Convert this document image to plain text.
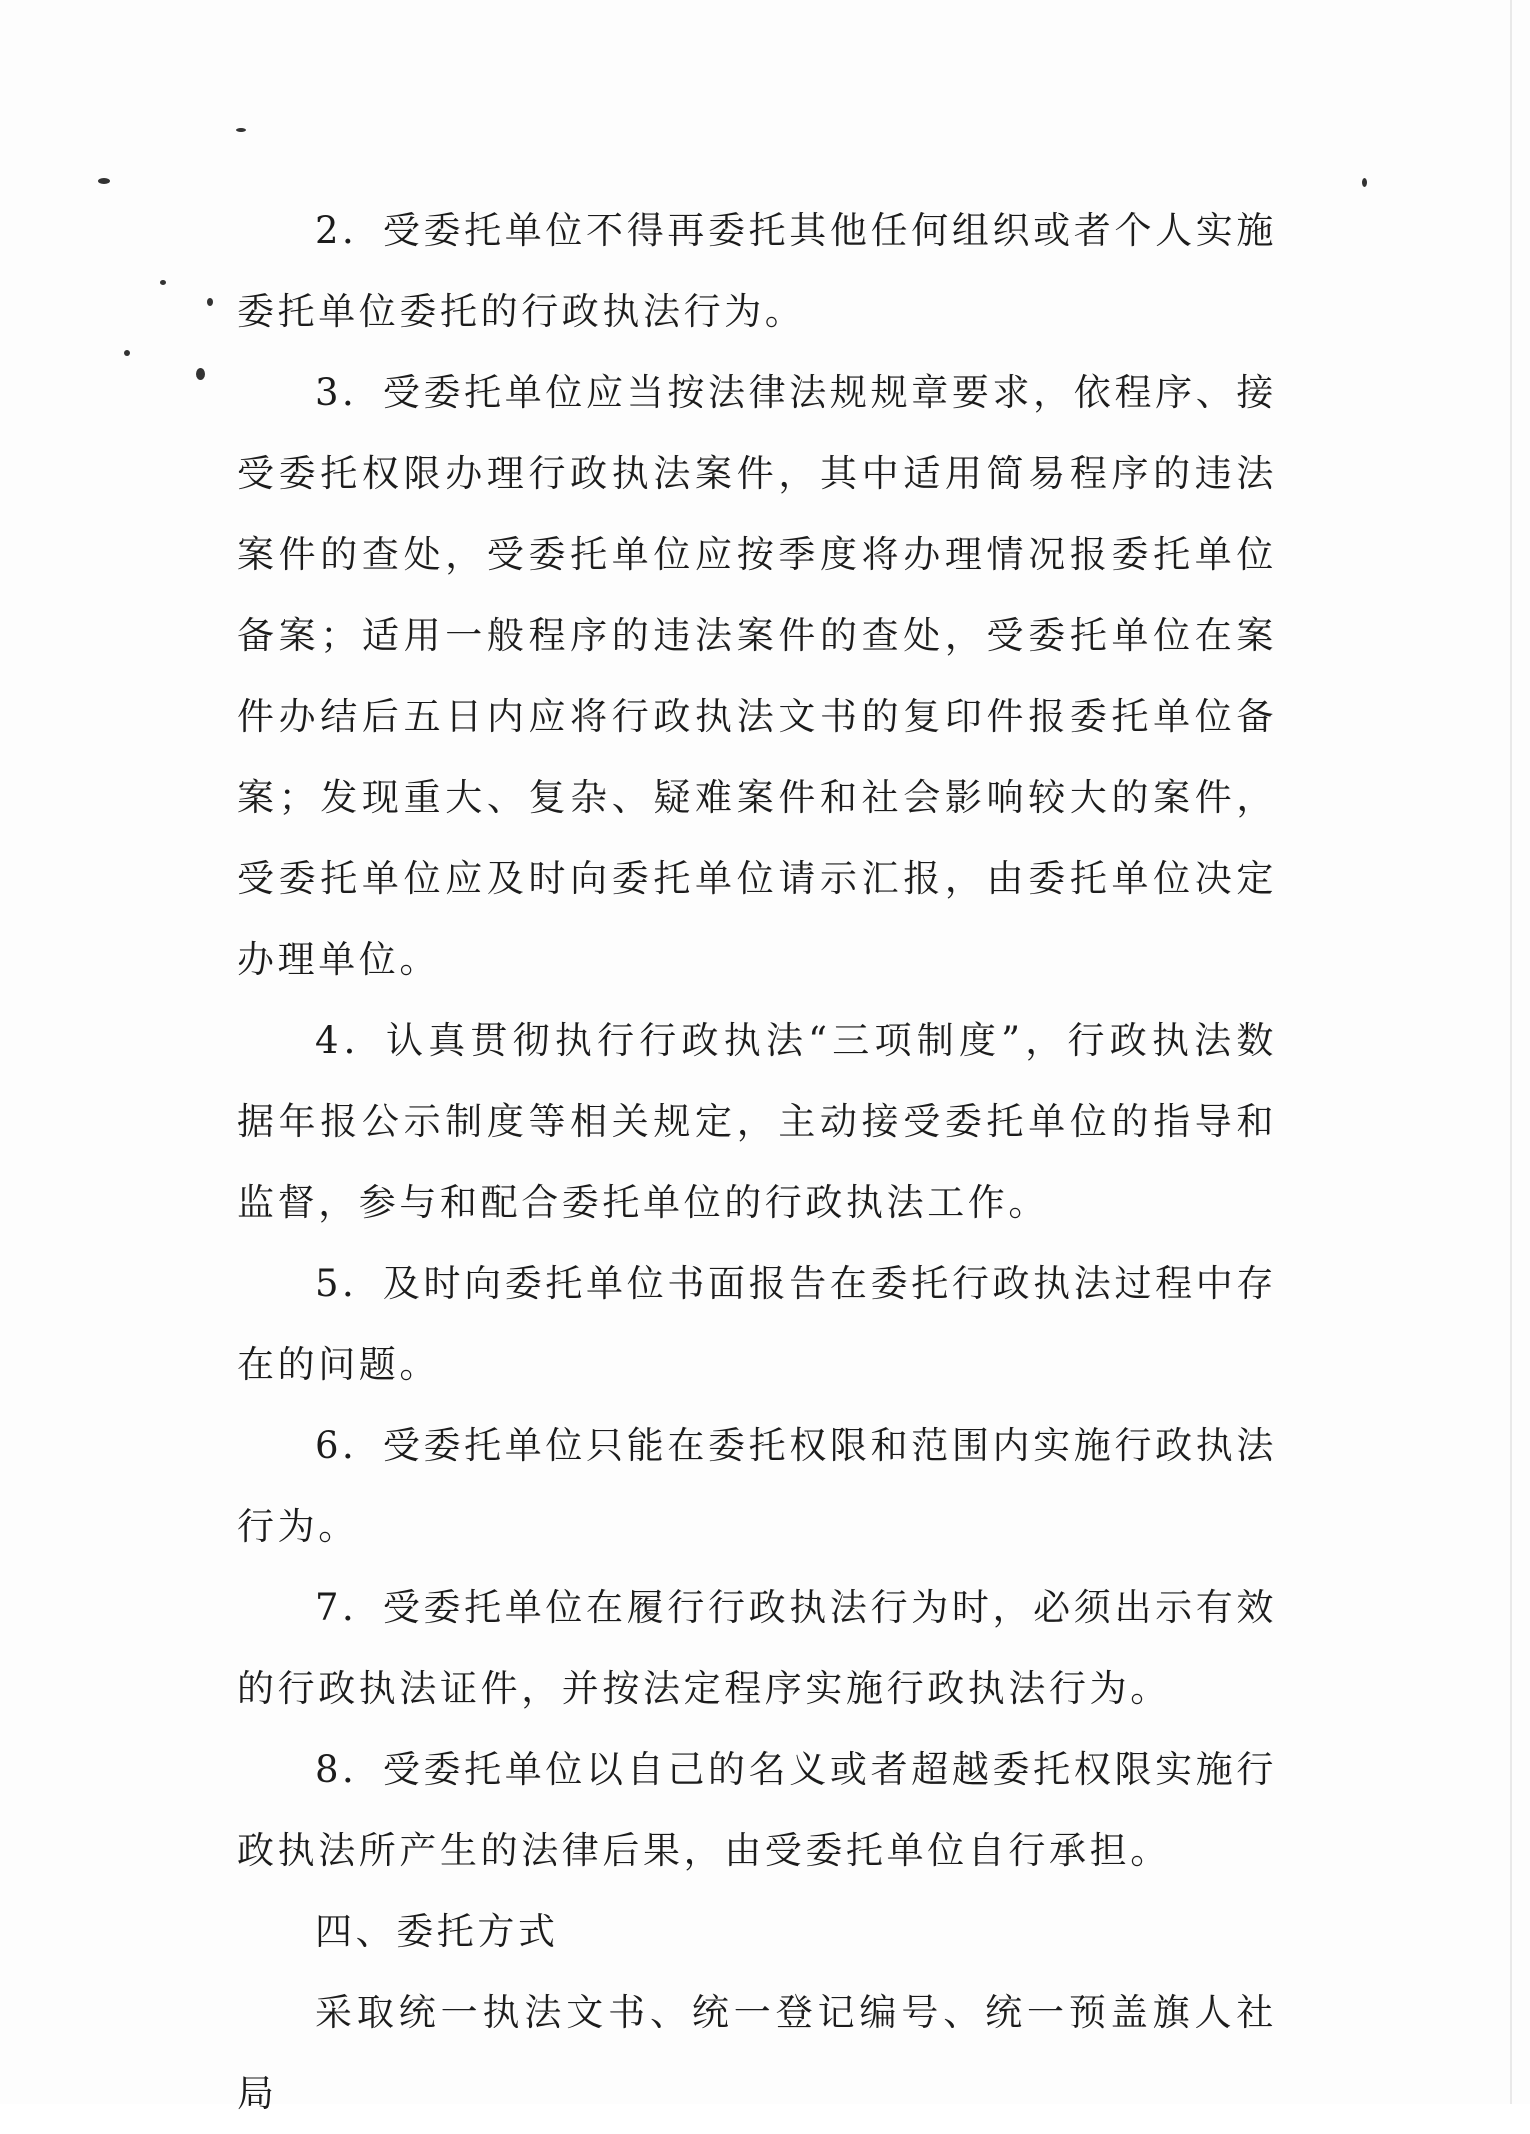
2．受委托单位不得再委托其他任何组织或者个人实施委托单位委托的行政执法行为。

3．受委托单位应当按法律法规规章要求，依程序、接受委托权限办理行政执法案件，其中适用简易程序的违法案件的查处，受委托单位应按季度将办理情况报委托单位备案；适用一般程序的违法案件的查处，受委托单位在案件办结后五日内应将行政执法文书的复印件报委托单位备案；发现重大、复杂、疑难案件和社会影响较大的案件，受委托单位应及时向委托单位请示汇报，由委托单位决定办理单位。

4．认真贯彻执行行政执法“三项制度”，行政执法数据年报公示制度等相关规定，主动接受委托单位的指导和监督，参与和配合委托单位的行政执法工作。

5．及时向委托单位书面报告在委托行政执法过程中存在的问题。

6．受委托单位只能在委托权限和范围内实施行政执法行为。

7．受委托单位在履行行政执法行为时，必须出示有效的行政执法证件，并按法定程序实施行政执法行为。

8．受委托单位以自己的名义或者超越委托权限实施行政执法所产生的法律后果，由受委托单位自行承担。

四、委托方式

采取统一执法文书、统一登记编号、统一预盖旗人社局
